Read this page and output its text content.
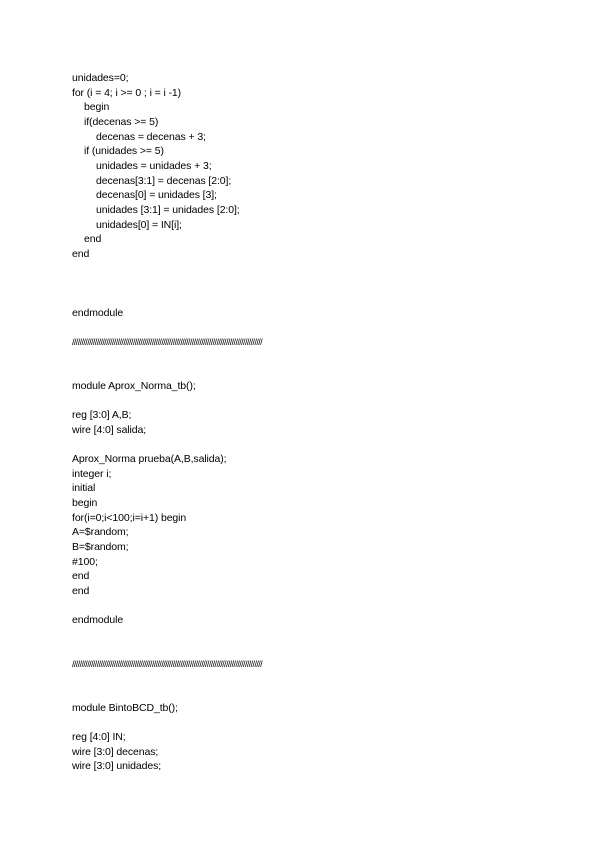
unidades=0;
for (i = 4; i >= 0 ; i = i -1)
begin
if(decenas >= 5)
decenas = decenas + 3;
if (unidades >= 5)
unidades = unidades + 3;
decenas[3:1] = decenas [2:0];
decenas[0] = unidades [3];
unidades [3:1] = unidades [2:0];
unidades[0] = IN[i];
end
end
endmodule
////////////////////////////////////////////////////////////////////////////////////////////////////
module Aprox_Norma_tb();
reg [3:0] A,B;
wire [4:0] salida;
Aprox_Norma prueba(A,B,salida);
integer i;
initial
begin
for(i=0;i<100;i=i+1) begin
A=$random;
B=$random;
#100;
end
end
endmodule
////////////////////////////////////////////////////////////////////////////////////////////////////
module BintoBCD_tb();
reg [4:0] IN;
wire [3:0] decenas;
wire [3:0] unidades;
